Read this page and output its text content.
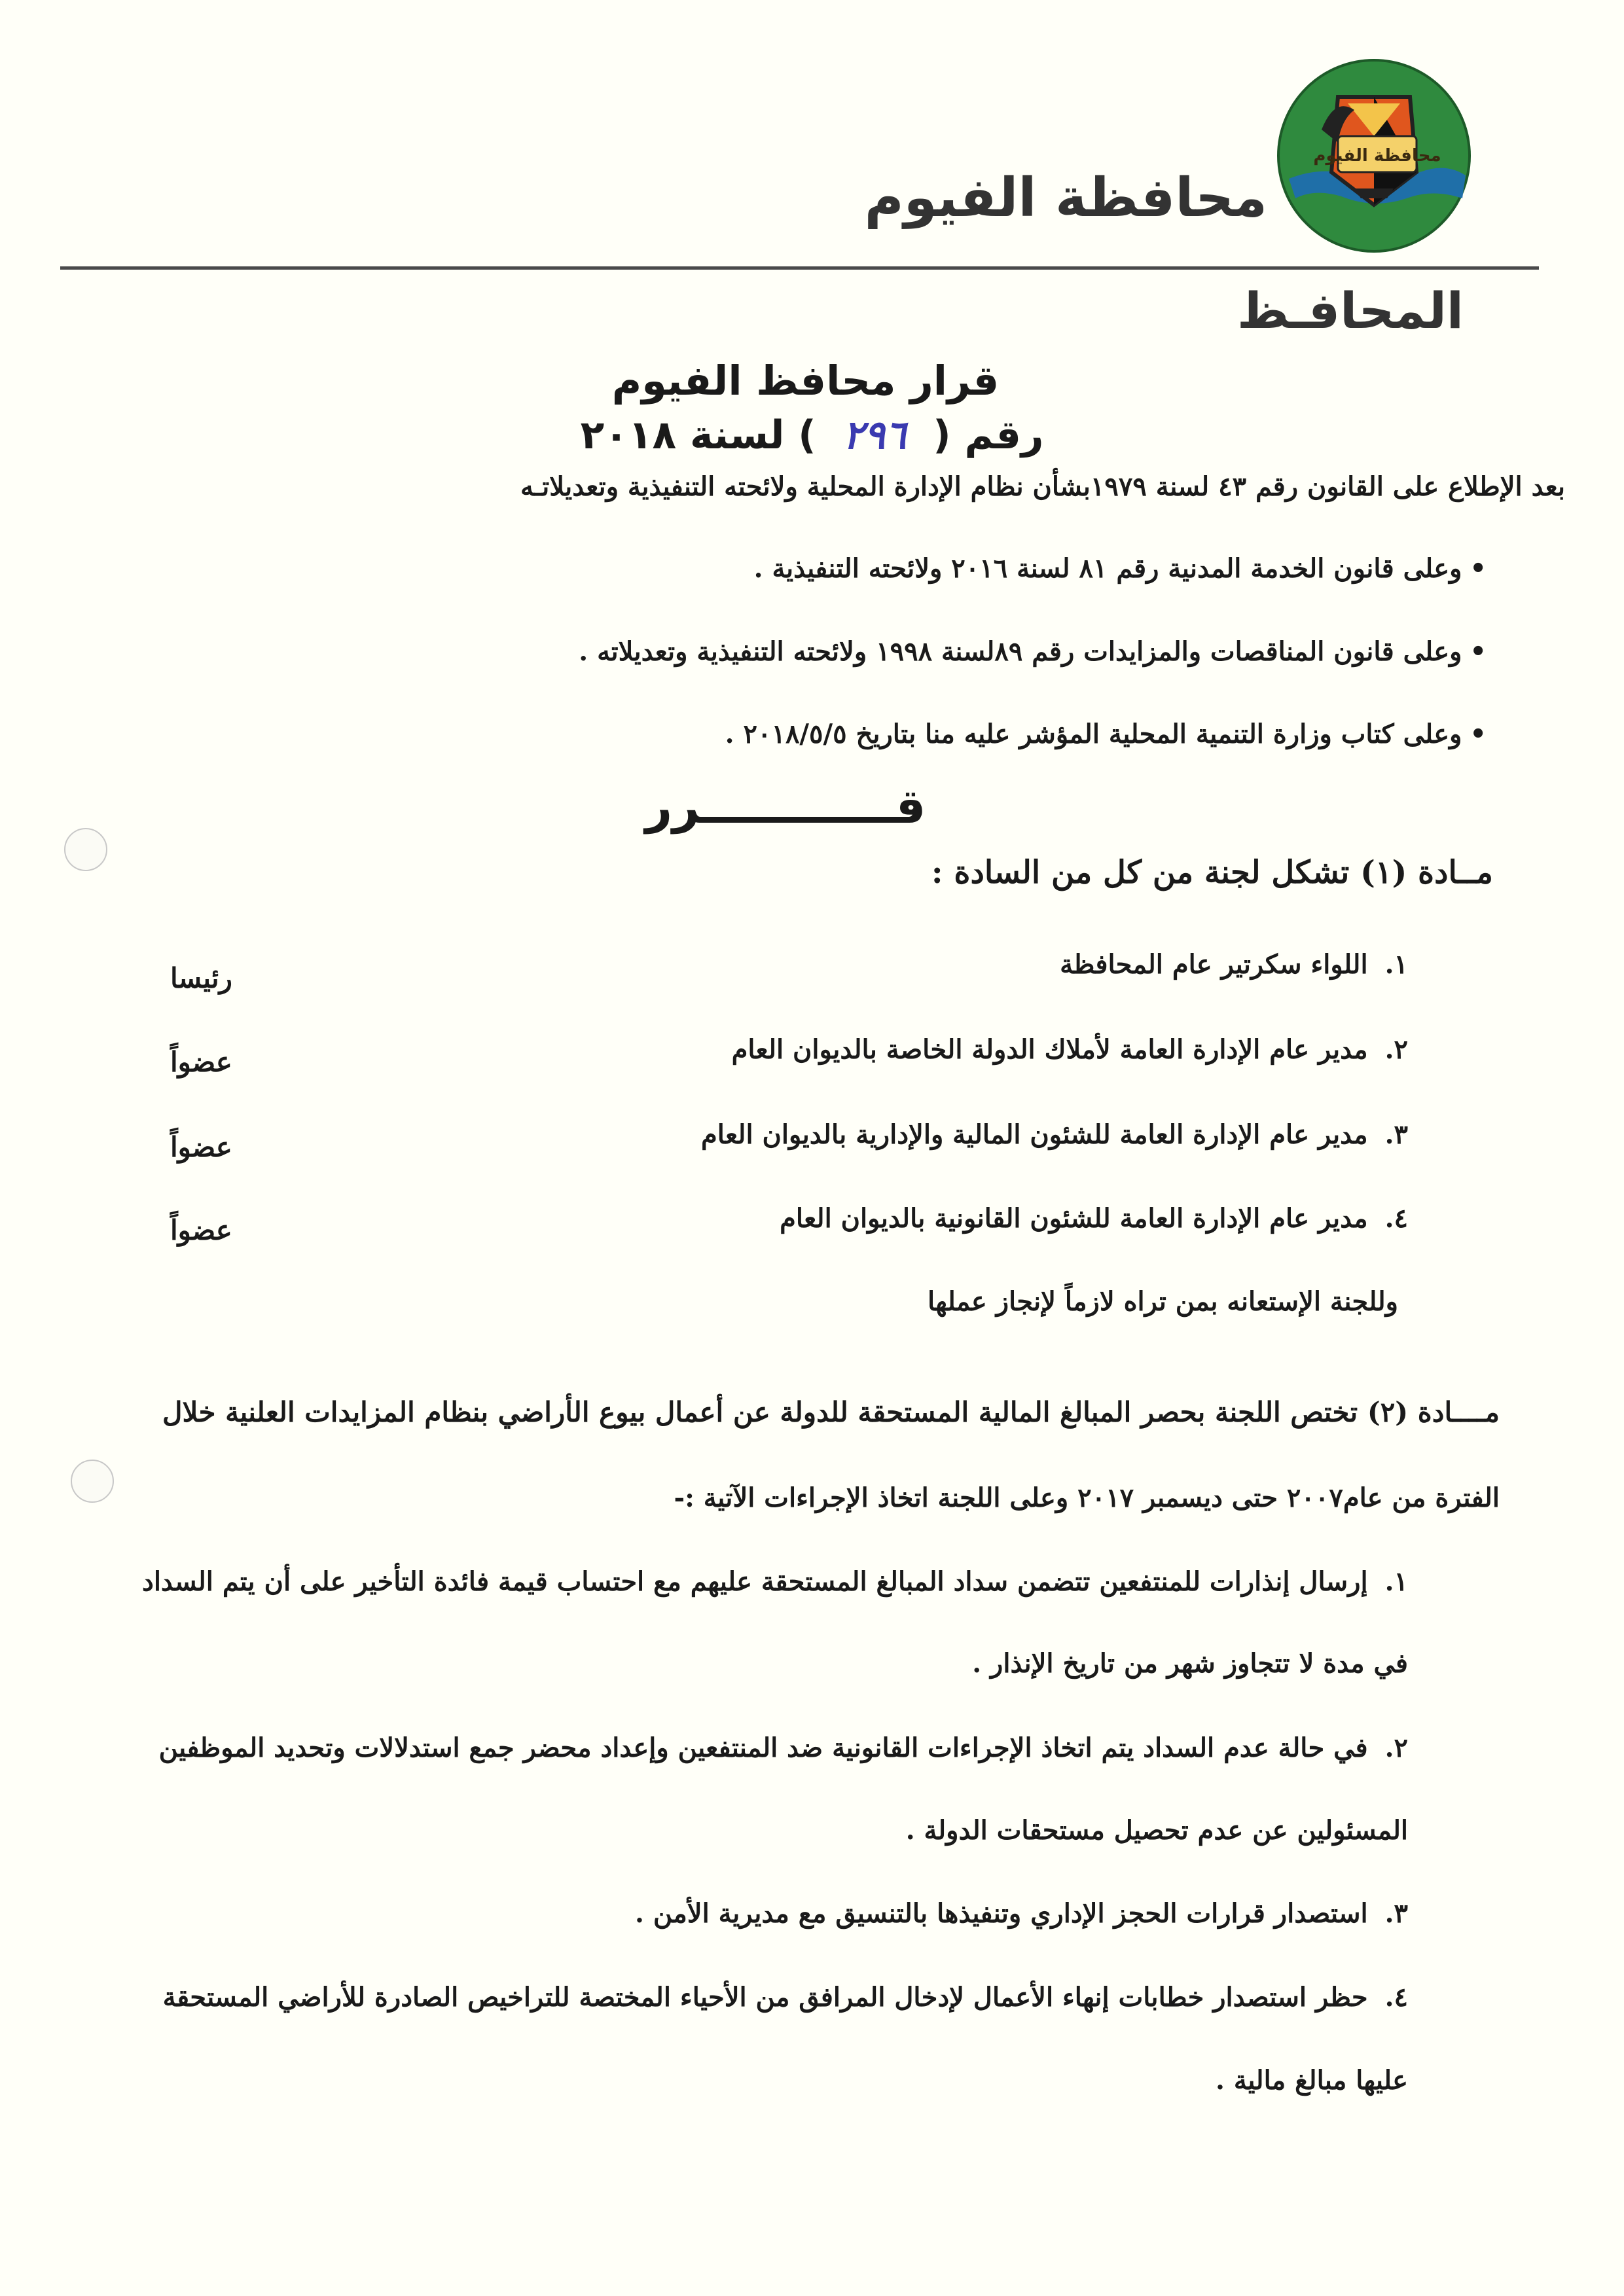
محافظة الفيوم
محافظة الفيوم
المحافـظ
قرار محافظ الفيوم
رقم ( ٢٩٦ ) لسنة ٢٠١٨
بعد الإطلاع على القانون رقم ٤٣ لسنة ١٩٧٩بشأن نظام الإدارة المحلية ولائحته التنفيذية وتعديلاتـه
•وعلى قانون الخدمة المدنية رقم ٨١ لسنة ٢٠١٦ ولائحته التنفيذية .
•وعلى قانون المناقصات والمزايدات رقم ٨٩لسنة ١٩٩٨ ولائحته التنفيذية وتعديلاته .
•وعلى كتاب وزارة التنمية المحلية المؤشر عليه منا بتاريخ ٢٠١٨/٥/٥ .
قــــــــــــرر
مــادة (١) تشكل لجنة من كل من السادة :
١.اللواء سكرتير عام المحافظة
رئيسا
٢.مدير عام الإدارة العامة لأملاك الدولة الخاصة بالديوان العام
عضواً
٣.مدير عام الإدارة العامة للشئون المالية والإدارية بالديوان العام
عضواً
٤.مدير عام الإدارة العامة للشئون القانونية بالديوان العام
عضواً
وللجنة الإستعانه بمن تراه لازماً لإنجاز عملها
مــــادة (٢) تختص اللجنة بحصر المبالغ المالية المستحقة للدولة عن أعمال بيوع الأراضي بنظام المزايدات العلنية خلال
الفترة من عام٢٠٠٧ حتى ديسمبر ٢٠١٧ وعلى اللجنة اتخاذ الإجراءات الآتية :-
١.إرسال إنذارات للمنتفعين تتضمن سداد المبالغ المستحقة عليهم مع احتساب قيمة فائدة التأخير على أن يتم السداد
في مدة لا تتجاوز شهر من تاريخ الإنذار .
٢.في حالة عدم السداد يتم اتخاذ الإجراءات القانونية ضد المنتفعين وإعداد محضر جمع استدلالات وتحديد الموظفين
المسئولين عن عدم تحصيل مستحقات الدولة .
٣.استصدار قرارات الحجز الإداري وتنفيذها بالتنسيق مع مديرية الأمن .
٤.حظر استصدار خطابات إنهاء الأعمال لإدخال المرافق من الأحياء المختصة للتراخيص الصادرة للأراضي المستحقة
عليها مبالغ مالية .
